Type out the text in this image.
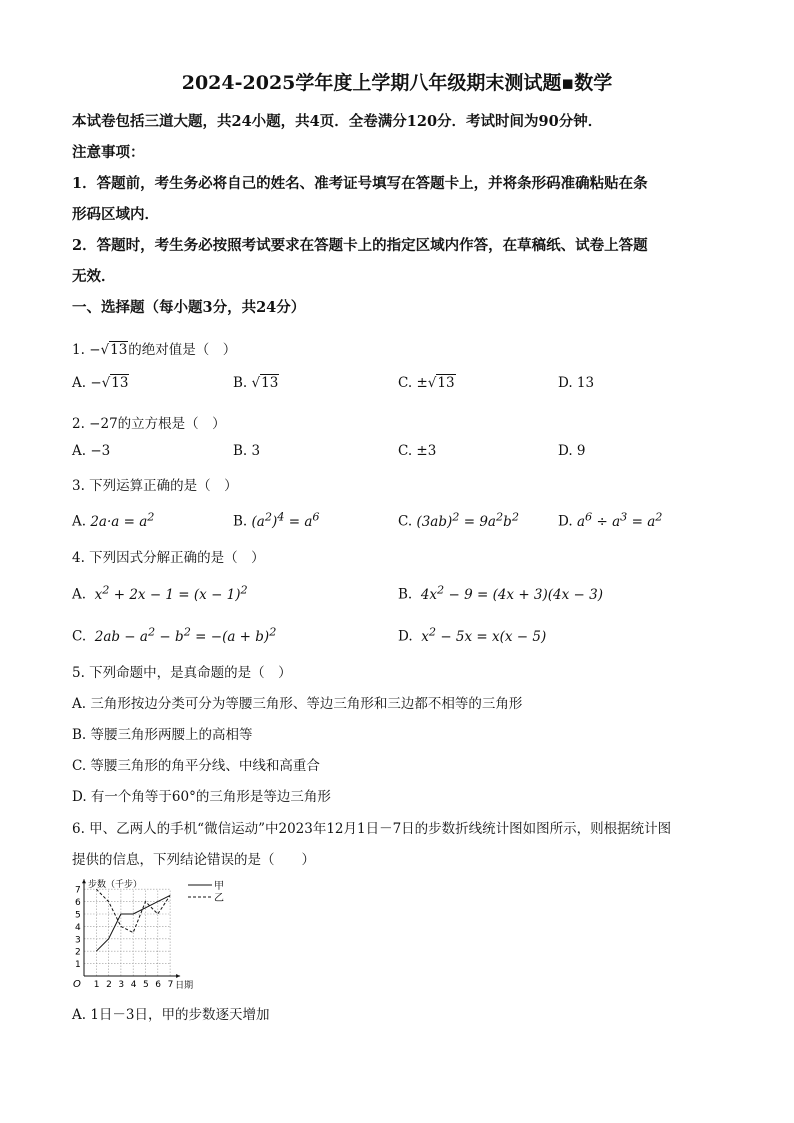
2024-2025学年度上学期八年级期末测试题▪数学
本试卷包括三道大题，共24小题，共4页．全卷满分120分．考试时间为90分钟．
注意事项：
1．答题前，考生务必将自己的姓名、准考证号填写在答题卡上，并将条形码准确粘贴在条
形码区域内．
2．答题时，考生务必按照考试要求在答题卡上的指定区域内作答，在草稿纸、试卷上答题
无效．
一、选择题（每小题3分，共24分）
1. −√13的绝对值是（　）
A. −√13	B. √13	C. ±√13	D. 13
2. −27的立方根是（　）
A. −3	B. 3	C. ±3	D. 9
3. 下列运算正确的是（　）
A. $2a\cdot a = a^2$	B. $(a^2)^4 = a^6$	C. $(3ab)^2 = 9a^2b^2$	D. $a^6 \div a^3 = a^2$
4. 下列因式分解正确的是（　）
A. $x^2 + 2x - 1 = (x - 1)^2$	B. $4x^2 - 9 = (4x + 3)(4x - 3)$
C. $2ab - a^2 - b^2 = -(a + b)^2$	D. $x^2 - 5x = x(x - 5)$
5. 下列命题中，是真命题的是（　）
A. 三角形按边分类可分为等腰三角形、等边三角形和三边都不相等的三角形
B. 等腰三角形两腰上的高相等
C. 等腰三角形的角平分线、中线和高重合
D. 有一个角等于60°的三角形是等边三角形
6. 甲、乙两人的手机“微信运动”中2023年12月1日－7日的步数折线统计图如图所示，则根据统计图
提供的信息，下列结论错误的是（　　）
步数（千步）
日期
O
1
2
3
4
5
6
7
1 2 3 4 5 6 7
甲
乙
A. 1日－3日，甲的步数逐天增加
